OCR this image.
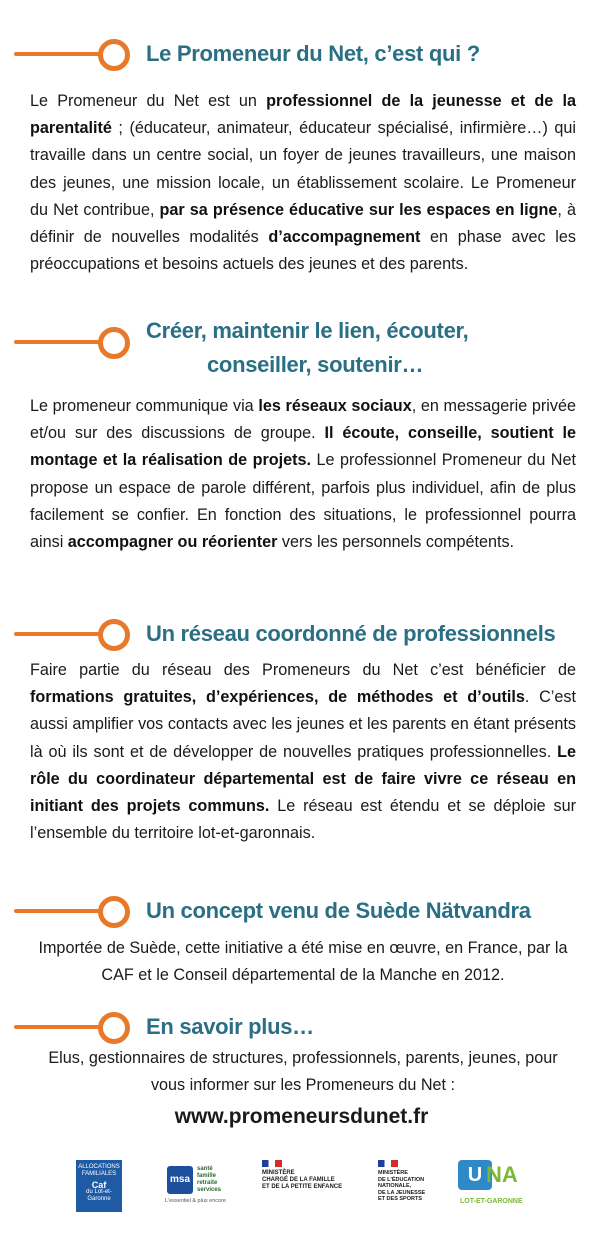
Le Promeneur du Net, c’est qui ?
Le Promeneur du Net est un professionnel de la jeunesse et de la parentalité ; (éducateur, animateur, éducateur spécialisé, infirmière…) qui travaille dans un centre social, un foyer de jeunes travailleurs, une maison des jeunes, une mission locale, un établissement scolaire. Le Promeneur du Net contribue, par sa présence éducative sur les espaces en ligne, à définir de nouvelles modalités d’accompagnement en phase avec les préoccupations et besoins actuels des jeunes et des parents.
Créer, maintenir le lien, écouter,
conseiller, soutenir…
Le promeneur communique via les réseaux sociaux, en messagerie privée et/ou sur des discussions de groupe. Il écoute, conseille, soutient le montage et la réalisation de projets. Le professionnel Promeneur du Net propose un espace de parole différent, parfois plus individuel, afin de plus facilement se confier. En fonction des situations, le professionnel pourra ainsi accompagner ou réorienter vers les personnels compétents.
Un réseau coordonné de professionnels
Faire partie du réseau des Promeneurs du Net c’est bénéficier de formations gratuites, d’expériences, de méthodes et d’outils. C’est aussi amplifier vos contacts avec les jeunes et les parents en étant présents là où ils sont et de développer de nouvelles pratiques professionnelles. Le rôle du coordinateur départemental est de faire vivre ce réseau en initiant des projets communs. Le réseau est étendu et se déploie sur l’ensemble du territoire lot-et-garonnais.
Un concept venu de Suède Nätvandra
Importée de Suède, cette initiative a été mise en œuvre, en France, par la CAF et le Conseil départemental de la Manche en 2012.
En savoir plus…
Elus, gestionnaires de structures, professionnels, parents, jeunes, pour vous informer sur les Promeneurs du Net :
www.promeneursdunet.fr
ALLOCATIONS
FAMILIALES
Caf
du Lot-et-
Garonne
msa
santé
famille
retraite
services
L'essentiel & plus encore
MINISTÈRE
CHARGÉ DE LA FAMILLE
ET DE LA PETITE ENFANCE
MINISTÈRE
DE L'ÉDUCATION
NATIONALE,
DE LA JEUNESSE
ET DES SPORTS
U NA
LOT-ET-GARONNE
